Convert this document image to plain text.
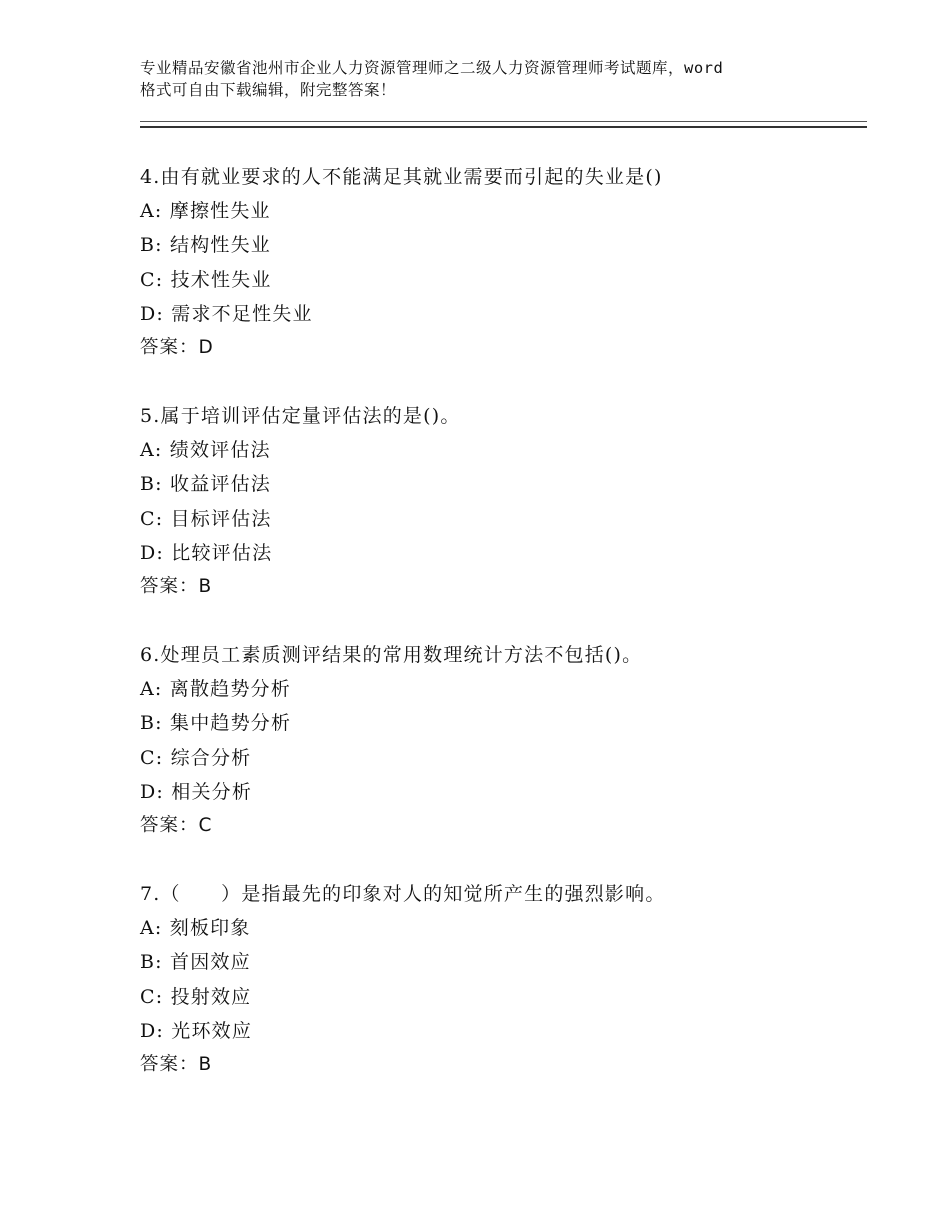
专业精品安徽省池州市企业人力资源管理师之二级人力资源管理师考试题库，word
格式可自由下载编辑，附完整答案！
4.由有就业要求的人不能满足其就业需要而引起的失业是()
A: 摩擦性失业
B: 结构性失业
C: 技术性失业
D: 需求不足性失业
答案：D
5.属于培训评估定量评估法的是()。
A: 绩效评估法
B: 收益评估法
C: 目标评估法
D: 比较评估法
答案：B
6.处理员工素质测评结果的常用数理统计方法不包括()。
A: 离散趋势分析
B: 集中趋势分析
C: 综合分析
D: 相关分析
答案：C
7.（　　）是指最先的印象对人的知觉所产生的强烈影响。
A: 刻板印象
B: 首因效应
C: 投射效应
D: 光环效应
答案：B
